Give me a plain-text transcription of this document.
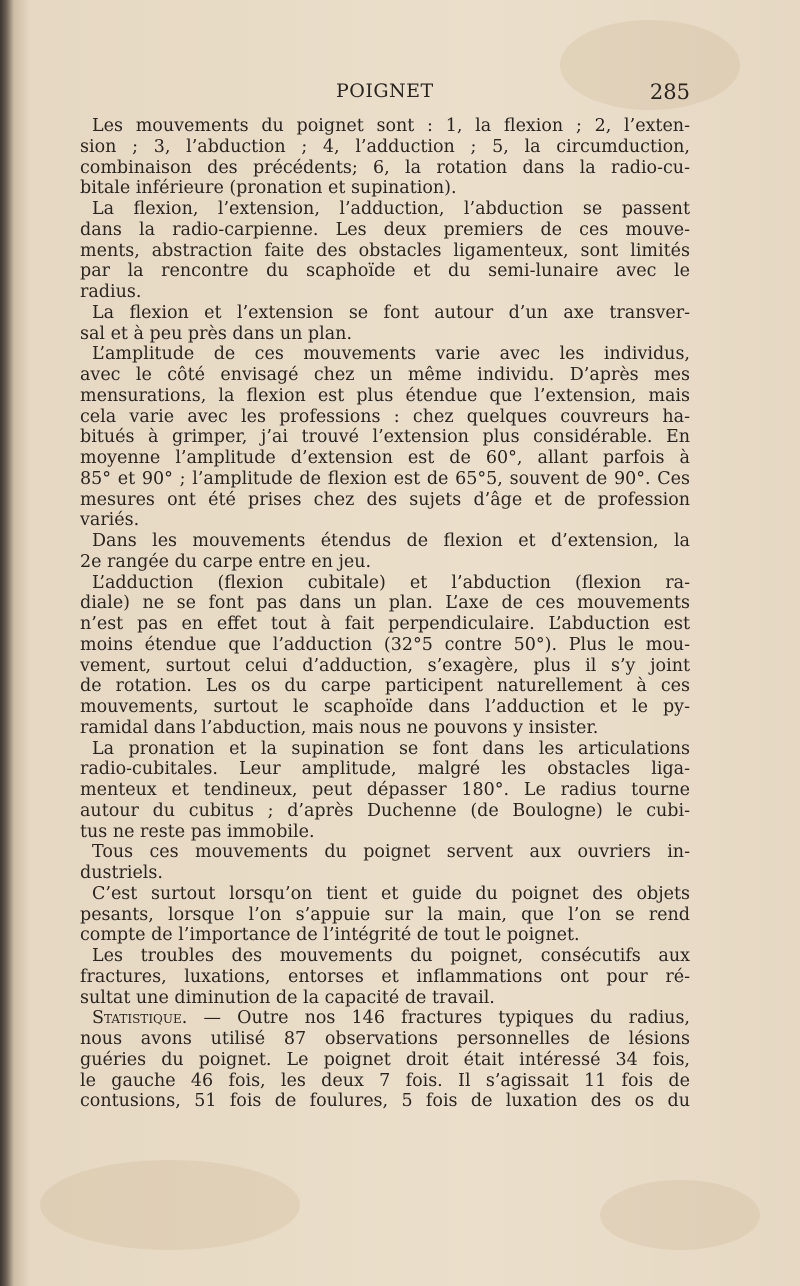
POIGNET	285
Les mouvements du poignet sont : 1, la flexion ; 2, l’exten-
sion ; 3, l’abduction ; 4, l’adduction ; 5, la circumduction,
combinaison des précédents; 6, la rotation dans la radio-cu-
bitale inférieure (pronation et supination).
La flexion, l’extension, l’adduction, l’abduction se passent
dans la radio-carpienne. Les deux premiers de ces mouve-
ments, abstraction faite des obstacles ligamenteux, sont limités
par la rencontre du scaphoïde et du semi-lunaire avec le
radius.
La flexion et l’extension se font autour d’un axe transver-
sal et à peu près dans un plan.
L’amplitude de ces mouvements varie avec les individus,
avec le côté envisagé chez un même individu. D’après mes
mensurations, la flexion est plus étendue que l’extension, mais
cela varie avec les professions : chez quelques couvreurs ha-
bitués à grimper, j’ai trouvé l’extension plus considérable. En
moyenne l’amplitude d’extension est de 60°, allant parfois à
85° et 90° ; l’amplitude de flexion est de 65°5, souvent de 90°. Ces
mesures ont été prises chez des sujets d’âge et de profession
variés.
Dans les mouvements étendus de flexion et d’extension, la
2e rangée du carpe entre en jeu.
L’adduction (flexion cubitale) et l’abduction (flexion ra-
diale) ne se font pas dans un plan. L’axe de ces mouvements
n’est pas en effet tout à fait perpendiculaire. L’abduction est
moins étendue que l’adduction (32°5 contre 50°). Plus le mou-
vement, surtout celui d’adduction, s’exagère, plus il s’y joint
de rotation. Les os du carpe participent naturellement à ces
mouvements, surtout le scaphoïde dans l’adduction et le py-
ramidal dans l’abduction, mais nous ne pouvons y insister.
La pronation et la supination se font dans les articulations
radio-cubitales. Leur amplitude, malgré les obstacles liga-
menteux et tendineux, peut dépasser 180°. Le radius tourne
autour du cubitus ; d’après Duchenne (de Boulogne) le cubi-
tus ne reste pas immobile.
Tous ces mouvements du poignet servent aux ouvriers in-
dustriels.
C’est surtout lorsqu’on tient et guide du poignet des objets
pesants, lorsque l’on s’appuie sur la main, que l’on se rend
compte de l’importance de l’intégrité de tout le poignet.
Les troubles des mouvements du poignet, consécutifs aux
fractures, luxations, entorses et inflammations ont pour ré-
sultat une diminution de la capacité de travail.
Statistique. — Outre nos 146 fractures typiques du radius,
nous avons utilisé 87 observations personnelles de lésions
guéries du poignet. Le poignet droit était intéressé 34 fois,
le gauche 46 fois, les deux 7 fois. Il s’agissait 11 fois de
contusions, 51 fois de foulures, 5 fois de luxation des os du
